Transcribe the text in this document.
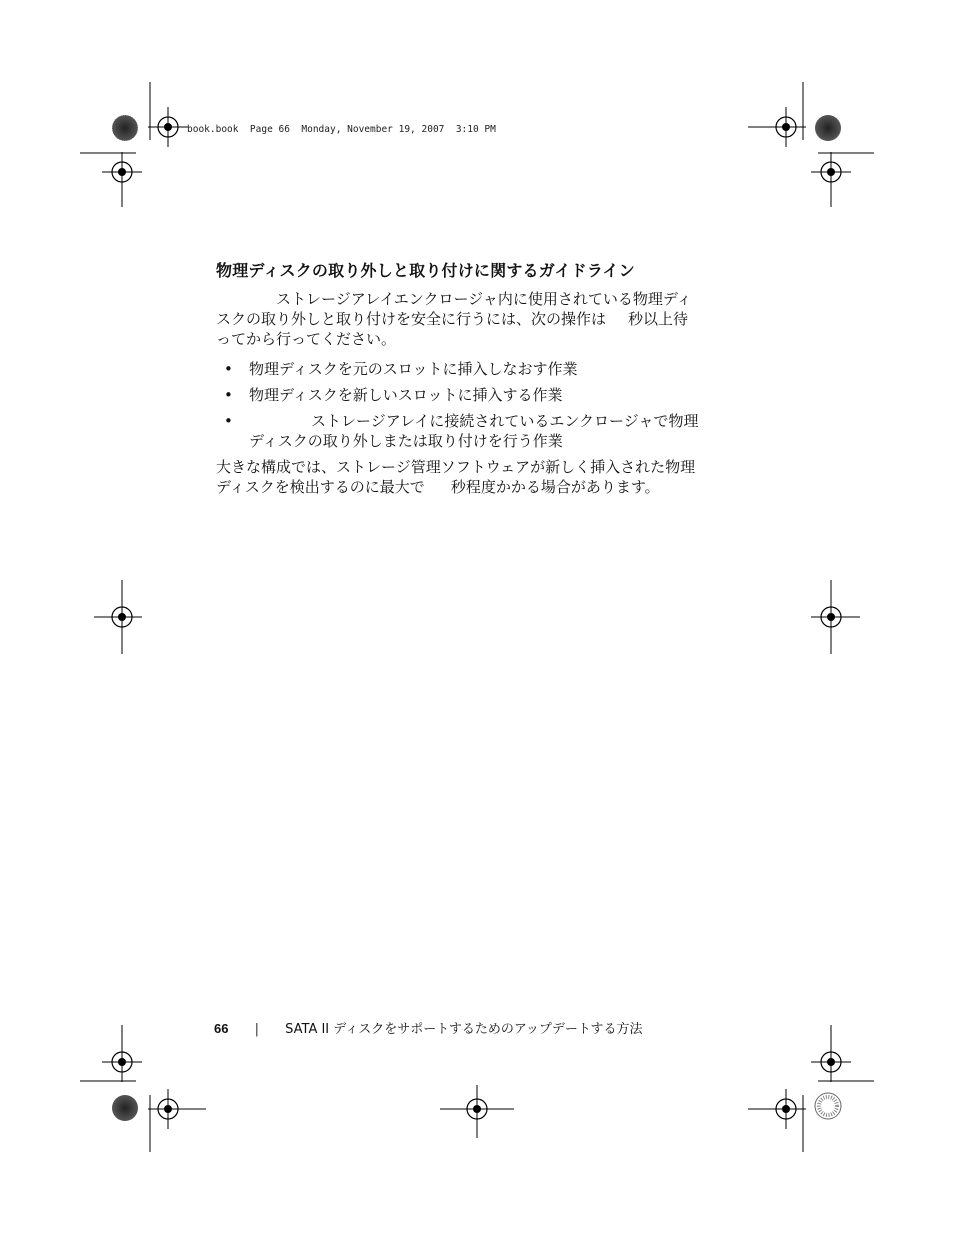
book.book  Page 66  Monday, November 19, 2007  3:10 PM
物理ディスクの取り外しと取り付けに関するガイドライン

ストレージアレイエンクロージャ内に使用されている物理ディ
スクの取り外しと取り付けを安全に行うには、次の操作は 秒以上待
ってから行ってください。

• 物理ディスクを元のスロットに挿入しなおす作業
• 物理ディスクを新しいスロットに挿入する作業
•	ストレージアレイに接続されているエンクロージャで物理
ディスクの取り外しまたは取り付けを行う作業

大きな構成では、ストレージ管理ソフトウェアが新しく挿入された物理
ディスクを検出するのに最大で 秒程度かかる場合があります。

66 | SATA II ディスクをサポートするためのアップデートする方法
